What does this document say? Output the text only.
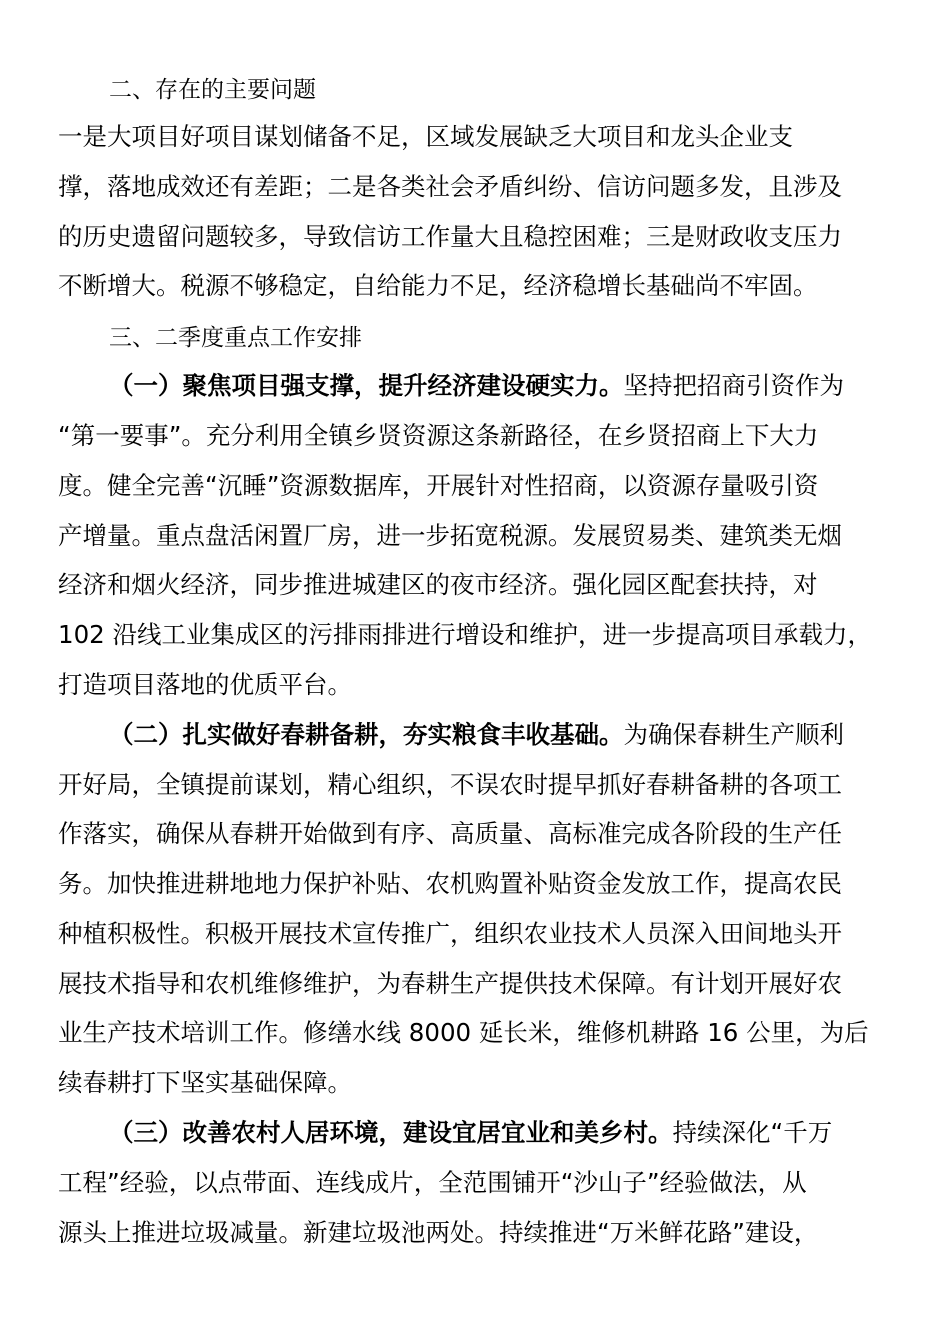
二、存在的主要问题
一是大项目好项目谋划储备不足，区域发展缺乏大项目和龙头企业支
撑，落地成效还有差距；二是各类社会矛盾纠纷、信访问题多发，且涉及
的历史遗留问题较多，导致信访工作量大且稳控困难；三是财政收支压力
不断增大。税源不够稳定，自给能力不足，经济稳增长基础尚不牢固。
三、二季度重点工作安排
（一）聚焦项目强支撑，提升经济建设硬实力。坚持把招商引资作为
“第一要事”。充分利用全镇乡贤资源这条新路径，在乡贤招商上下大力
度。健全完善“沉睡”资源数据库，开展针对性招商，以资源存量吸引资
产增量。重点盘活闲置厂房，进一步拓宽税源。发展贸易类、建筑类无烟
经济和烟火经济，同步推进城建区的夜市经济。强化园区配套扶持，对
102 沿线工业集成区的污排雨排进行增设和维护，进一步提高项目承载力，
打造项目落地的优质平台。
（二）扎实做好春耕备耕，夯实粮食丰收基础。为确保春耕生产顺利
开好局，全镇提前谋划，精心组织，不误农时提早抓好春耕备耕的各项工
作落实，确保从春耕开始做到有序、高质量、高标准完成各阶段的生产任
务。加快推进耕地地力保护补贴、农机购置补贴资金发放工作，提高农民
种植积极性。积极开展技术宣传推广，组织农业技术人员深入田间地头开
展技术指导和农机维修维护，为春耕生产提供技术保障。有计划开展好农
业生产技术培训工作。修缮水线 8000 延长米，维修机耕路 16 公里，为后
续春耕打下坚实基础保障。
（三）改善农村人居环境，建设宜居宜业和美乡村。持续深化“千万
工程”经验，以点带面、连线成片，全范围铺开“沙山子”经验做法，从
源头上推进垃圾减量。新建垃圾池两处。持续推进“万米鲜花路”建设，
